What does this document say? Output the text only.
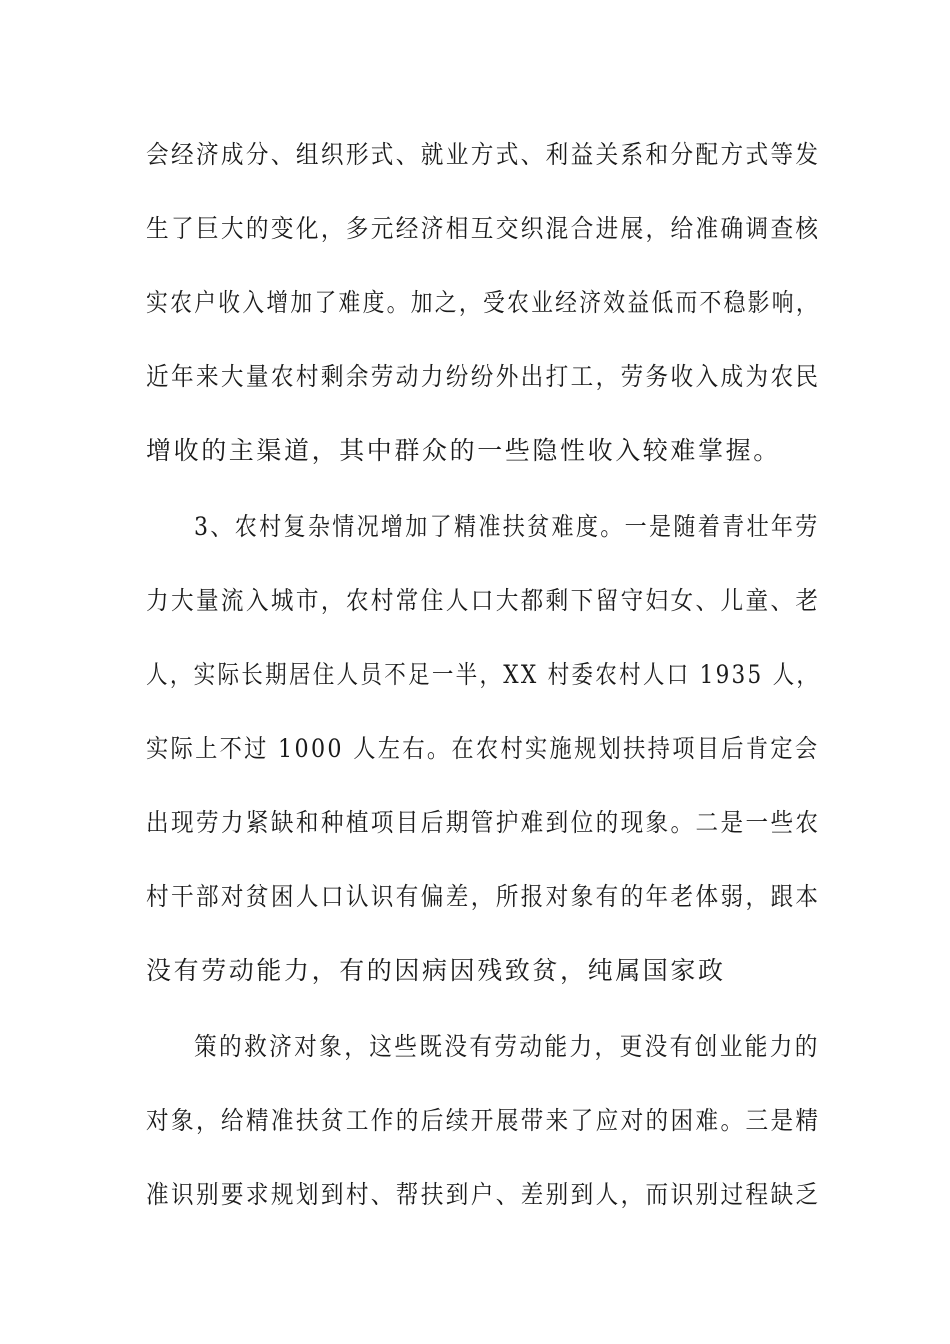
会经济成分、组织形式、就业方式、利益关系和分配方式等发
生了巨大的变化，多元经济相互交织混合进展，给准确调查核
实农户收入增加了难度。加之，受农业经济效益低而不稳影响，
近年来大量农村剩余劳动力纷纷外出打工，劳务收入成为农民
增收的主渠道，其中群众的一些隐性收入较难掌握。
3、农村复杂情况增加了精准扶贫难度。一是随着青壮年劳
力大量流入城市，农村常住人口大都剩下留守妇女、儿童、老
人，实际长期居住人员不足一半，XX 村委农村人口 1935 人，
实际上不过 1000 人左右。在农村实施规划扶持项目后肯定会
出现劳力紧缺和种植项目后期管护难到位的现象。二是一些农
村干部对贫困人口认识有偏差，所报对象有的年老体弱，跟本
没有劳动能力，有的因病因残致贫，纯属国家政
策的救济对象，这些既没有劳动能力，更没有创业能力的
对象，给精准扶贫工作的后续开展带来了应对的困难。三是精
准识别要求规划到村、帮扶到户、差别到人，而识别过程缺乏
